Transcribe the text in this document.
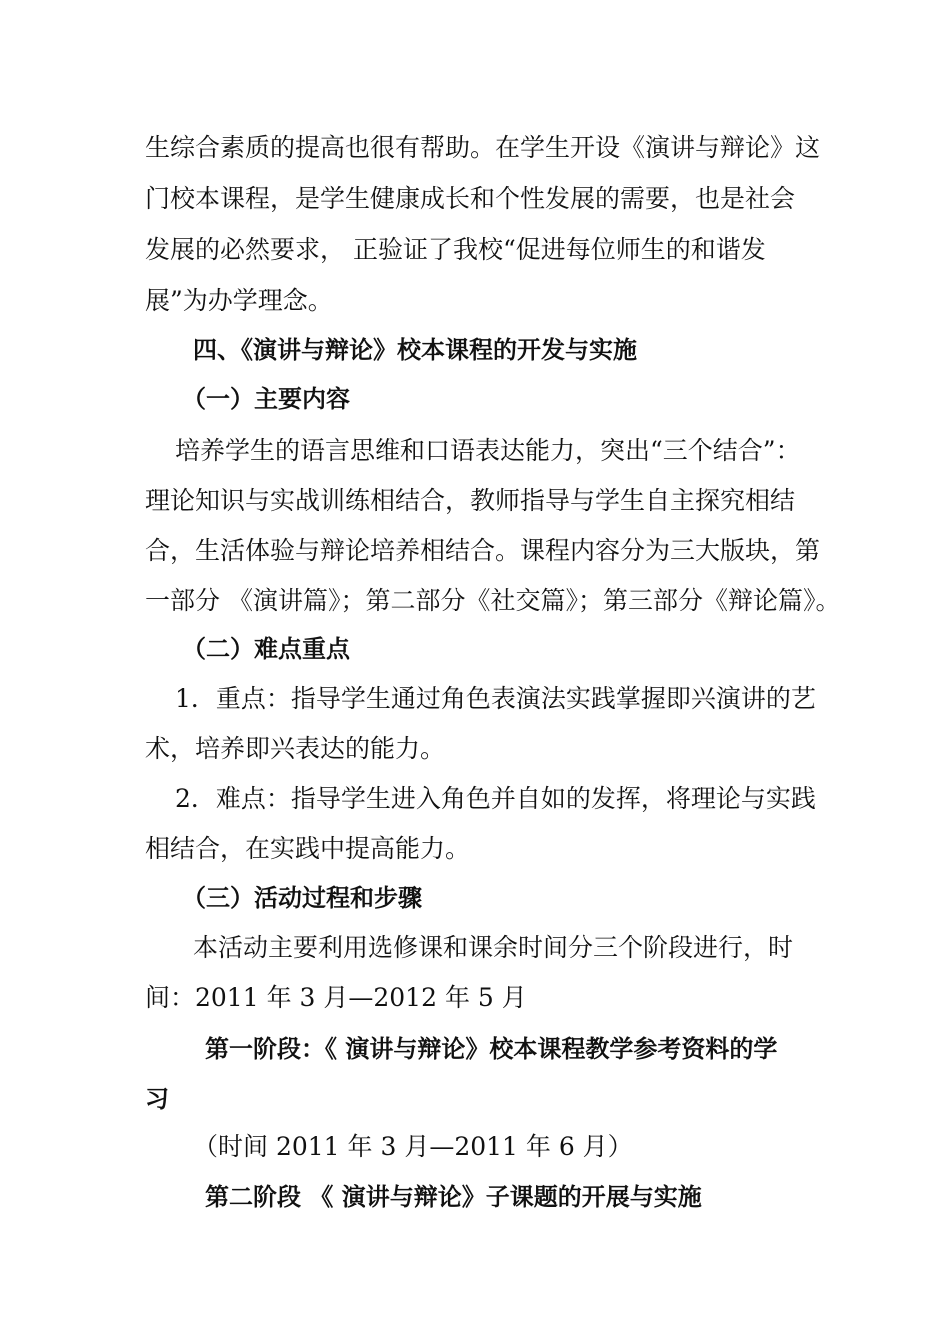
生综合素质的提高也很有帮助。在学生开设《演讲与辩论》这
门校本课程，是学生健康成长和个性发展的需要，也是社会
发展的必然要求， 正验证了我校“促进每位师生的和谐发
展”为办学理念。
四、《演讲与辩论》校本课程的开发与实施
（一）主要内容
培养学生的语言思维和口语表达能力，突出“三个结合”：
理论知识与实战训练相结合，教师指导与学生自主探究相结
合，生活体验与辩论培养相结合。课程内容分为三大版块，第
一部分 《演讲篇》；第二部分《社交篇》；第三部分《辩论篇》。
（二）难点重点
1．重点：指导学生通过角色表演法实践掌握即兴演讲的艺
术，培养即兴表达的能力。
2．难点：指导学生进入角色并自如的发挥，将理论与实践
相结合，在实践中提高能力。
（三）活动过程和步骤
本活动主要利用选修课和课余时间分三个阶段进行，时
间：2011 年 3 月—2012 年 5 月
第一阶段：《 演讲与辩论》校本课程教学参考资料的学
习
（时间 2011 年 3 月—2011 年 6 月）
第二阶段 《 演讲与辩论》子课题的开展与实施
